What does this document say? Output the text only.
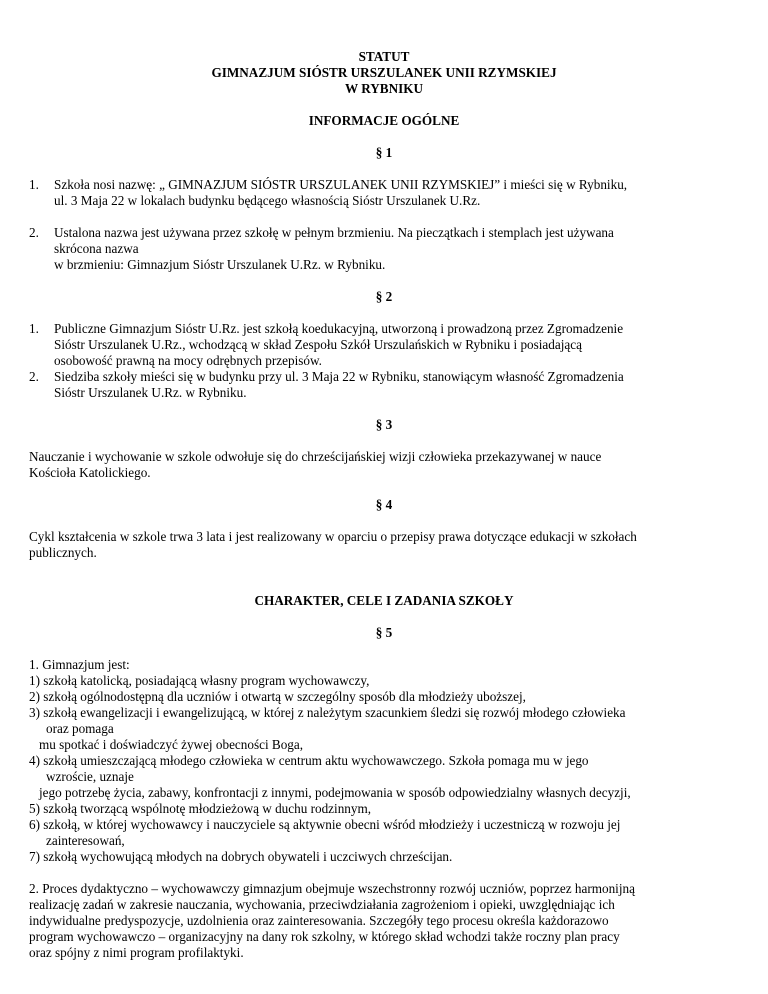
STATUT
GIMNAZJUM SIÓSTR URSZULANEK UNII RZYMSKIEJ
W RYBNIKU
INFORMACJE OGÓLNE
§ 1
1. Szkoła nosi nazwę: „ GIMNAZJUM SIÓSTR URSZULANEK UNII RZYMSKIEJ” i mieści się w Rybniku,
ul. 3 Maja 22 w lokalach budynku będącego własnością Sióstr Urszulanek U.Rz.
2. Ustalona nazwa jest używana przez szkołę w pełnym brzmieniu. Na pieczątkach i stemplach jest używana
skrócona nazwa
w brzmieniu: Gimnazjum Sióstr Urszulanek U.Rz. w Rybniku.
§ 2
1. Publiczne Gimnazjum Sióstr U.Rz. jest szkołą koedukacyjną, utworzoną i prowadzoną przez Zgromadzenie
Sióstr Urszulanek U.Rz., wchodzącą w skład Zespołu Szkół Urszulańskich w Rybniku i posiadającą
osobowość prawną na mocy odrębnych przepisów.
2. Siedziba szkoły mieści się w budynku przy ul. 3 Maja 22 w Rybniku, stanowiącym własność Zgromadzenia
Sióstr Urszulanek U.Rz. w Rybniku.
§ 3
Nauczanie i wychowanie w szkole odwołuje się do chrześcijańskiej wizji człowieka przekazywanej w nauce
Kościoła Katolickiego.
§ 4
Cykl kształcenia w szkole trwa 3 lata i jest realizowany w oparciu o przepisy prawa dotyczące edukacji w szkołach
publicznych.
CHARAKTER, CELE I ZADANIA SZKOŁY
§ 5
1. Gimnazjum jest:
1) szkołą katolicką, posiadającą własny program wychowawczy,
2) szkołą ogólnodostępną dla uczniów i otwartą w szczególny sposób dla młodzieży uboższej,
3) szkołą ewangelizacji i ewangelizującą, w której z należytym szacunkiem śledzi się rozwój młodego człowieka
oraz pomaga
mu spotkać i doświadczyć żywej obecności Boga,
4) szkołą umieszczającą młodego człowieka w centrum aktu wychowawczego. Szkoła pomaga mu w jego
wzroście, uznaje
jego potrzebę życia, zabawy, konfrontacji z innymi, podejmowania w sposób odpowiedzialny własnych decyzji,
5) szkołą tworzącą wspólnotę młodzieżową w duchu rodzinnym,
6) szkołą, w której wychowawcy i nauczyciele są aktywnie obecni wśród młodzieży i uczestniczą w rozwoju jej
zainteresowań,
7) szkołą wychowującą młodych na dobrych obywateli i uczciwych chrześcijan.
2. Proces dydaktyczno – wychowawczy gimnazjum obejmuje wszechstronny rozwój uczniów, poprzez harmonijną
realizację zadań w zakresie nauczania, wychowania, przeciwdziałania zagrożeniom i opieki, uwzględniając ich
indywidualne predyspozycje, uzdolnienia oraz zainteresowania. Szczegóły tego procesu określa każdorazowo
program wychowawczo – organizacyjny na dany rok szkolny, w którego skład wchodzi także roczny plan pracy
oraz spójny z nimi program profilaktyki.
